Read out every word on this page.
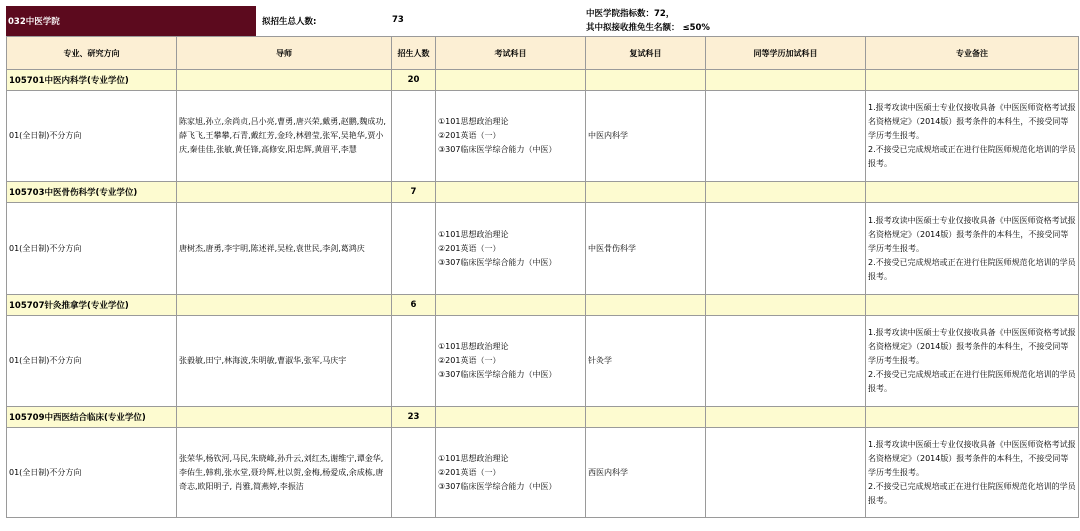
032中医学院	拟招生总人数:	73
中医学院指标数：72，
其中拟接收推免生名额： ≤50%
专业、研究方向	导师	招生人数	考试科目	复试科目	同等学历加试科目	专业备注
105701中医内科学(专业学位)		20				
01(全日制)不分方向	陈家旭,孙立,余尚贞,吕小亮,曹勇,唐兴荣,戴勇,赵鹏,魏成功,薛飞飞,王攀攀,石青,戴红芳,金玲,林碧莹,张军,吴艳华,贾小庆,秦佳佳,张敏,黄任锋,高修安,阳忠辉,黄眉平,李慧		①101思想政治理论
②201英语（一）
③307临床医学综合能力（中医）	中医内科学		1.报考攻读中医硕士专业仅接收具备《中医医师资格考试报名资格规定》（2014版）报考条件的本科生，不接受同等学历考生报考。
2.不接受已完成规培或正在进行住院医师规范化培训的学员报考。

105703中医骨伤科学(专业学位)		7				
01(全日制)不分方向	唐树杰,唐勇,李宇明,陈述祥,吴栓,袁世民,李剑,葛鸿庆		①101思想政治理论
②201英语（一）
③307临床医学综合能力（中医）	中医骨伤科学		1.报考攻读中医硕士专业仅接收具备《中医医师资格考试报名资格规定》（2014版）报考条件的本科生，不接受同等学历考生报考。
2.不接受已完成规培或正在进行住院医师规范化培训的学员报考。

105707针灸推拿学(专业学位)		6				
01(全日制)不分方向	张毅敏,田宁,林海波,朱明敏,曹淑华,张军,马庆宇		①101思想政治理论
②201英语（一）
③307临床医学综合能力（中医）	针灸学		1.报考攻读中医硕士专业仅接收具备《中医医师资格考试报名资格规定》（2014版）报考条件的本科生，不接受同等学历考生报考。
2.不接受已完成规培或正在进行住院医师规范化培训的学员报考。

105709中西医结合临床(专业学位)		23				
01(全日制)不分方向	张荣华,杨钦河,马民,朱晓峰,孙升云,刘红杰,谢维宁,谭金华,李佑生,韩莉,张水堂,聂玲辉,杜以贺,金梅,杨爱成,余成栋,唐奇志,欧阳明子, 肖雅,简燕婷,李振洁		①101思想政治理论
②201英语（一）
③307临床医学综合能力（中医）	西医内科学		1.报考攻读中医硕士专业仅接收具备《中医医师资格考试报名资格规定》（2014版）报考条件的本科生，不接受同等学历考生报考。
2.不接受已完成规培或正在进行住院医师规范化培训的学员报考。
